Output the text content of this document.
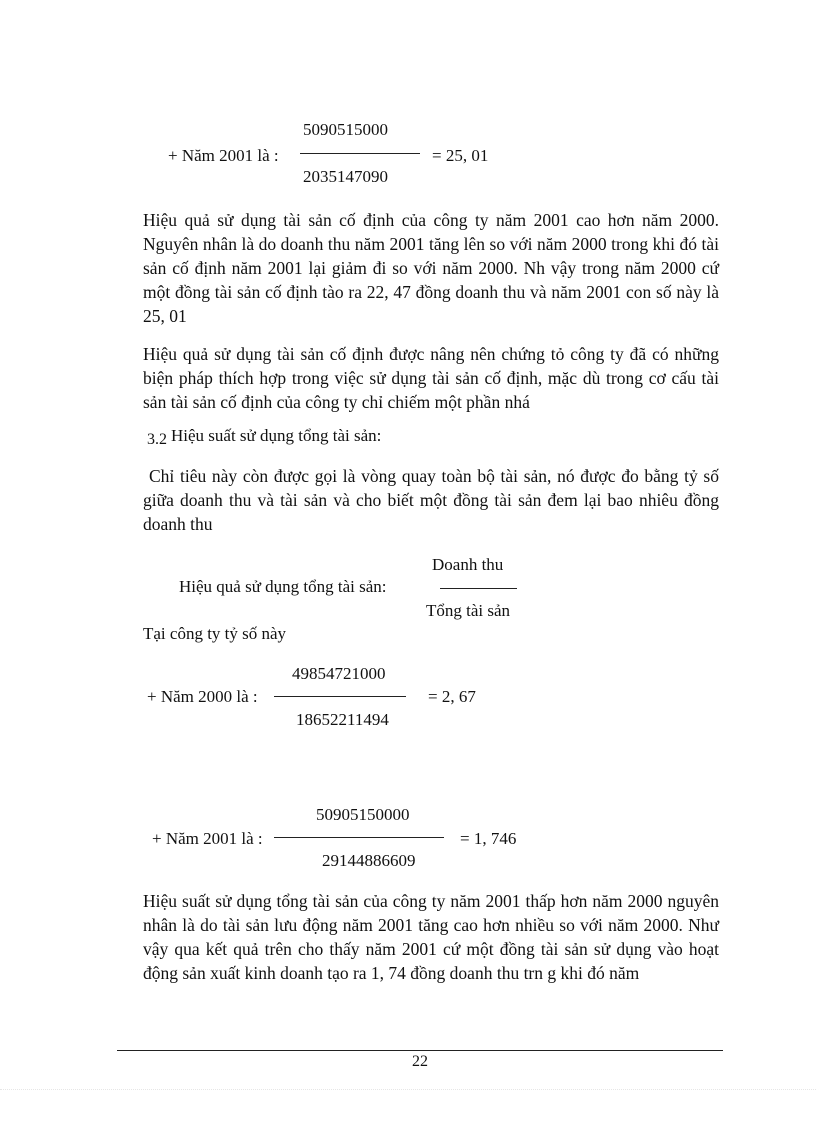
+ Năm 2001 là :
5090515000
2035147090
= 25, 01

Hiệu quả sử dụng tài sản cố định của công ty năm 2001 cao hơn năm 2000. Nguyên nhân là do doanh thu năm 2001 tăng lên so với năm 2000 trong khi đó tài sản cố định năm 2001 lại giảm đi so với năm 2000. Nh vậy trong năm 2000 cứ một đồng tài sản cố định tào ra 22, 47 đồng doanh thu và năm 2001 con số này là 25, 01

Hiệu quả sử dụng tài sản cố định được nâng nên chứng tỏ công ty đã có những biện pháp thích hợp trong việc sử dụng tài sản cố định, mặc dù trong cơ cấu tài sản tài sản cố định của công ty chỉ chiếm một phần nhá

3.2 Hiệu suất sử dụng tổng tài sản:

Chỉ tiêu này còn được gọi là vòng quay toàn bộ tài sản, nó được đo bằng tỷ số giữa doanh thu và tài sản và cho biết một đồng tài sản đem lại bao nhiêu đồng doanh thu

Hiệu quả sử dụng tổng tài sản:
Doanh thu
Tổng tài sản
Tại công ty tỷ số này
+ Năm 2000 là :
49854721000
18652211494
= 2, 67
+ Năm 2001 là :
50905150000
29144886609
= 1, 746

Hiệu suất sử dụng tổng tài sản của công ty năm 2001 thấp hơn năm 2000 nguyên nhân là do tài sản lưu động năm 2001 tăng cao hơn nhiều so với năm 2000. Như vậy qua kết quả trên cho thấy năm 2001 cứ một đồng tài sản sử dụng vào hoạt động sản xuất kinh doanh tạo ra 1, 74 đồng doanh thu trn g khi đó năm

22
